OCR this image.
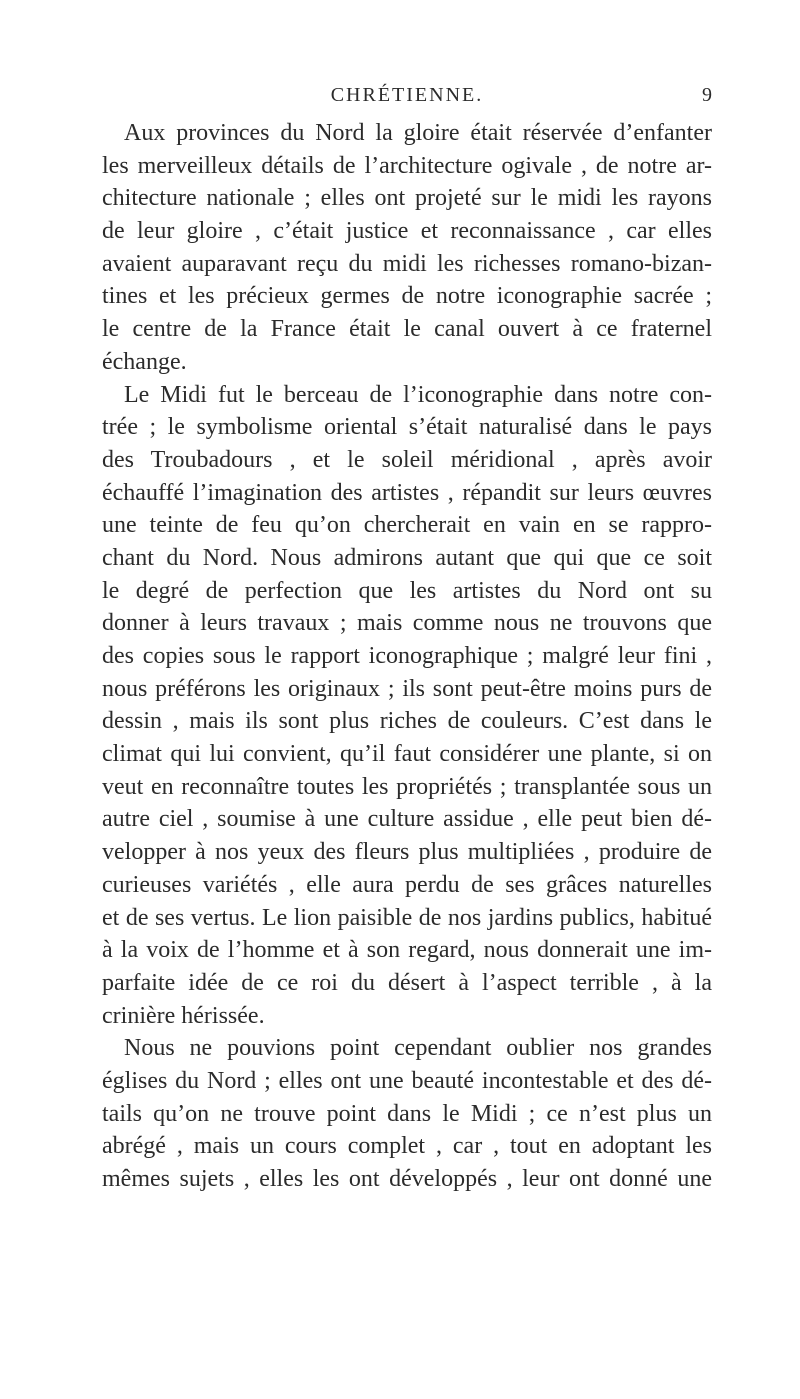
CHRÉTIENNE.	9
Aux provinces du Nord la gloire était réservée d’enfanter
les merveilleux détails de l’architecture ogivale , de notre ar-
chitecture nationale ; elles ont projeté sur le midi les rayons
de leur gloire , c’était justice et reconnaissance , car elles
avaient auparavant reçu du midi les richesses romano-bizan-
tines et les précieux germes de notre iconographie sacrée ;
le centre de la France était le canal ouvert à ce fraternel
échange.
Le Midi fut le berceau de l’iconographie dans notre con-
trée ; le symbolisme oriental s’était naturalisé dans le pays
des Troubadours , et le soleil méridional , après avoir
échauffé l’imagination des artistes , répandit sur leurs œuvres
une teinte de feu qu’on chercherait en vain en se rappro-
chant du Nord. Nous admirons autant que qui que ce soit
le degré de perfection que les artistes du Nord ont su
donner à leurs travaux ; mais comme nous ne trouvons que
des copies sous le rapport iconographique ; malgré leur fini ,
nous préférons les originaux ; ils sont peut-être moins purs de
dessin , mais ils sont plus riches de couleurs. C’est dans le
climat qui lui convient, qu’il faut considérer une plante, si on
veut en reconnaître toutes les propriétés ; transplantée sous un
autre ciel , soumise à une culture assidue , elle peut bien dé-
velopper à nos yeux des fleurs plus multipliées , produire de
curieuses variétés , elle aura perdu de ses grâces naturelles
et de ses vertus. Le lion paisible de nos jardins publics, habitué
à la voix de l’homme et à son regard, nous donnerait une im-
parfaite idée de ce roi du désert à l’aspect terrible , à la
crinière hérissée.
Nous ne pouvions point cependant oublier nos grandes
églises du Nord ; elles ont une beauté incontestable et des dé-
tails qu’on ne trouve point dans le Midi ; ce n’est plus un
abrégé , mais un cours complet , car , tout en adoptant les
mêmes sujets , elles les ont développés , leur ont donné une
